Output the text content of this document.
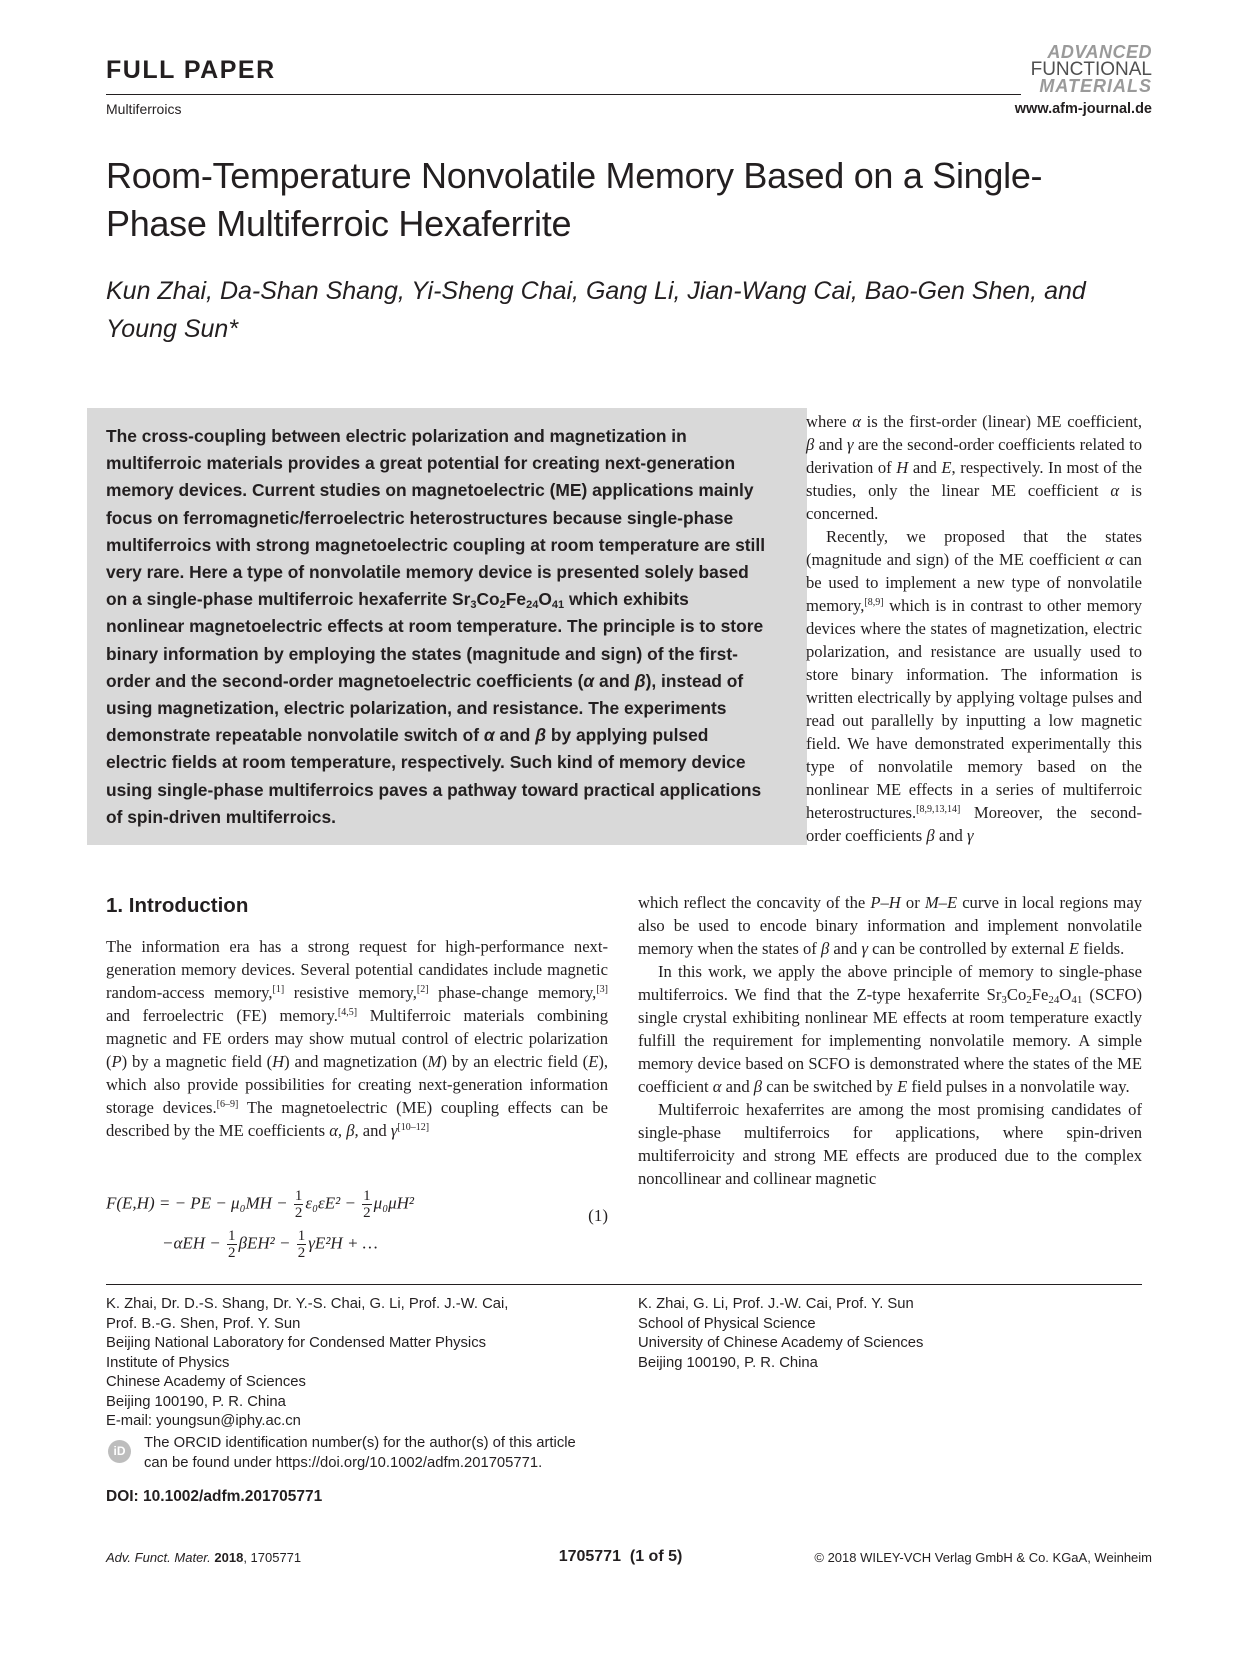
FULL PAPER
Multiferroics
ADVANCED
FUNCTIONAL
MATERIALS
www.afm-journal.de
Room-Temperature Nonvolatile Memory Based on a Single-Phase Multiferroic Hexaferrite
Kun Zhai, Da-Shan Shang, Yi-Sheng Chai, Gang Li, Jian-Wang Cai, Bao-Gen Shen, and Young Sun*
The cross-coupling between electric polarization and magnetization in multiferroic materials provides a great potential for creating next-generation memory devices. Current studies on magnetoelectric (ME) applications mainly focus on ferromagnetic/ferroelectric heterostructures because single-phase multiferroics with strong magnetoelectric coupling at room temperature are still very rare. Here a type of nonvolatile memory device is presented solely based on a single-phase multiferroic hexaferrite $Sr_3Co_2Fe_{24}O_{41}$ which exhibits nonlinear magnetoelectric effects at room temperature. The principle is to store binary information by employing the states (magnitude and sign) of the first-order and the second-order magnetoelectric coefficients (α and β), instead of using magnetization, electric polarization, and resistance. The experiments demonstrate repeatable nonvolatile switch of α and β by applying pulsed electric fields at room temperature, respectively. Such kind of memory device using single-phase multiferroics paves a pathway toward practical applications of spin-driven multiferroics.
where α is the first-order (linear) ME coefficient, β and γ are the second-order coefficients related to derivation of H and E, respectively. In most of the studies, only the linear ME coefficient α is concerned.
Recently, we proposed that the states (magnitude and sign) of the ME coefficient α can be used to implement a new type of nonvolatile memory,[8,9] which is in contrast to other memory devices where the states of magnetization, electric polarization, and resistance are usually used to store binary information. The information is written electrically by applying voltage pulses and read out parallelly by inputting a low magnetic field. We have demonstrated experimentally this type of nonvolatile memory based on the nonlinear ME effects in a series of multiferroic heterostructures.[8,9,13,14] Moreover, the second-order coefficients β and γ
which reflect the concavity of the P–H or M–E curve in local regions may also be used to encode binary information and implement nonvolatile memory when the states of β and γ can be controlled by external E fields.
In this work, we apply the above principle of memory to single-phase multiferroics. We find that the Z-type hexaferrite $Sr_3Co_2Fe_{24}O_{41}$ (SCFO) single crystal exhibiting nonlinear ME effects at room temperature exactly fulfill the requirement for implementing nonvolatile memory. A simple memory device based on SCFO is demonstrated where the states of the ME coefficient α and β can be switched by E field pulses in a nonvolatile way.
Multiferroic hexaferrites are among the most promising candidates of single-phase multiferroics for applications, where spin-driven multiferroicity and strong ME effects are produced due to the complex noncollinear and collinear magnetic
1. Introduction
The information era has a strong request for high-performance next-generation memory devices. Several potential candidates include magnetic random-access memory,[1] resistive memory,[2] phase-change memory,[3] and ferroelectric (FE) memory.[4,5] Multiferroic materials combining magnetic and FE orders may show mutual control of electric polarization (P) by a magnetic field (H) and magnetization (M) by an electric field (E), which also provide possibilities for creating next-generation information storage devices.[6–9] The magnetoelectric (ME) coupling effects can be described by the ME coefficients α, β, and γ[10–12]
F(E,H) = − PE − $\mu_0MH - \frac{1}{2} \varepsilon_0\varepsilon E^2 - \frac{1}{2} \mu_0\mu H^2$
$-\alpha EH - \frac{1}{2} \beta EH^2 - \frac{1}{2} \gamma E^2H$ + …
(1)
K. Zhai, Dr. D.-S. Shang, Dr. Y.-S. Chai, G. Li, Prof. J.-W. Cai,
Prof. B.-G. Shen, Prof. Y. Sun
Beijing National Laboratory for Condensed Matter Physics
Institute of Physics
Chinese Academy of Sciences
Beijing 100190, P. R. China
E-mail: youngsun@iphy.ac.cn
K. Zhai, G. Li, Prof. J.-W. Cai, Prof. Y. Sun
School of Physical Science
University of Chinese Academy of Sciences
Beijing 100190, P. R. China
iD	The ORCID identification number(s) for the author(s) of this article
can be found under https://doi.org/10.1002/adfm.201705771.
DOI: 10.1002/adfm.201705771
Adv. Funct. Mater. 2018, 1705771	1705771  (1 of 5)	© 2018 WILEY-VCH Verlag GmbH & Co. KGaA, Weinheim
